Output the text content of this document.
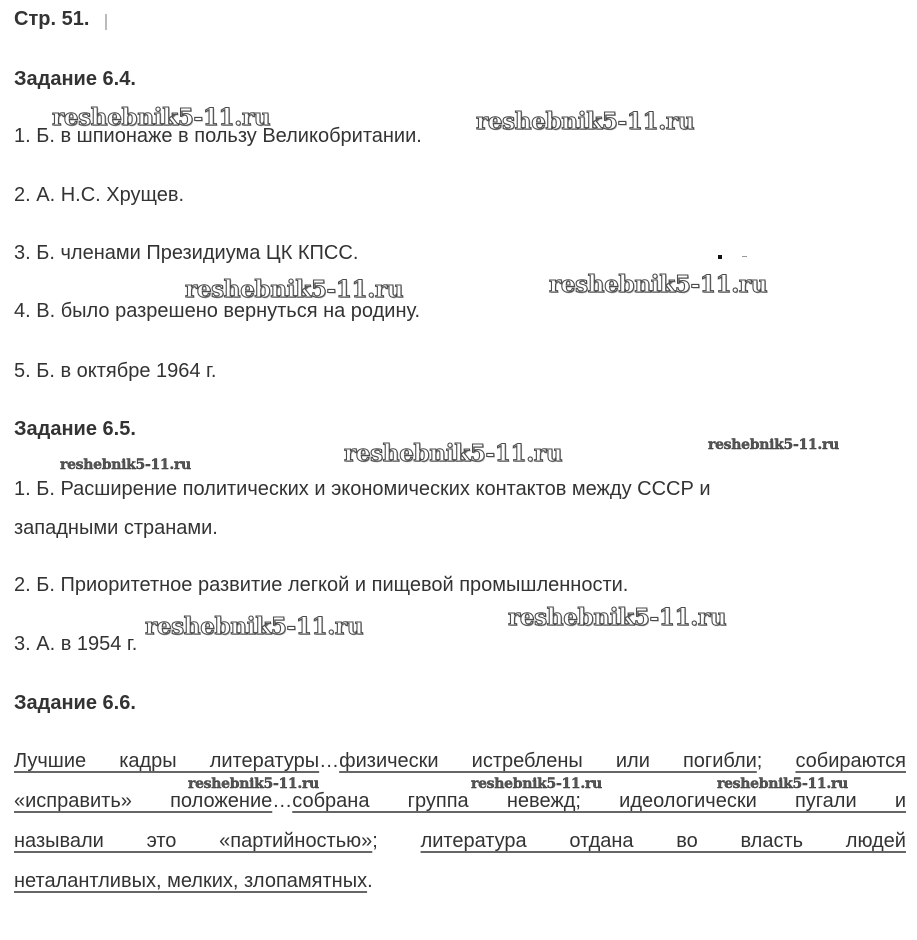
Стр. 51.
Задание 6.4.
1. Б. в шпионаже в пользу Великобритании.
2. А. Н.С. Хрущев.
3. Б. членами Президиума ЦК КПСС.
4. В. было разрешено вернуться на родину.
5. Б. в октябре 1964 г.
Задание 6.5.
1. Б. Расширение политических и экономических контактов между СССР и
западными странами.
2. Б. Приоритетное развитие легкой и пищевой промышленности.
3. А. в 1954 г.
Задание 6.6.
Лучшие кадры литературы…физически истреблены или погибли; собираются
«исправить» положение…собрана группа невежд; идеологически пугали и
называли это «партийностью»; литература отдана во власть людей
неталантливых, мелких, злопамятных.
reshebnik5-11.ru	reshebnik5-11.ru
reshebnik5-11.ru	reshebnik5-11.ru
reshebnik5-11.ru
reshebnik5-11.ru
reshebnik5-11.ru
reshebnik5-11.ru
reshebnik5-11.ru
reshebnik5-11.ru	reshebnik5-11.ru	reshebnik5-11.ru
